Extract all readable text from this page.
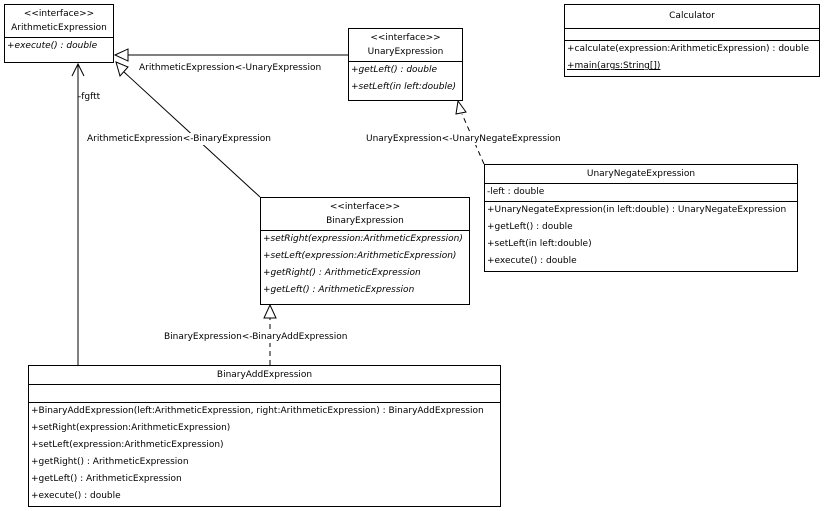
ArithmeticExpression<-UnaryExpression
ArithmeticExpression<-BinaryExpression	UnaryExpression<-UnaryNegateExpression
BinaryExpression<-BinaryAddExpression
-fgftt
<<interface>>
ArithmeticExpression
+execute() : double
<<interface>>
UnaryExpression
+getLeft() : double
+setLeft(in left:double)
Calculator
+calculate(expression:ArithmeticExpression) : double
+main(args:String[])
<<interface>>
BinaryExpression
+setRight(expression:ArithmeticExpression)
+setLeft(expression:ArithmeticExpression)
+getRight() : ArithmeticExpression
+getLeft() : ArithmeticExpression
UnaryNegateExpression
-left : double
+UnaryNegateExpression(in left:double) : UnaryNegateExpression
+getLeft() : double
+setLeft(in left:double)
+execute() : double
BinaryAddExpression
+BinaryAddExpression(left:ArithmeticExpression, right:ArithmeticExpression) : BinaryAddExpression
+setRight(expression:ArithmeticExpression)
+setLeft(expression:ArithmeticExpression)
+getRight() : ArithmeticExpression
+getLeft() : ArithmeticExpression
+execute() : double
